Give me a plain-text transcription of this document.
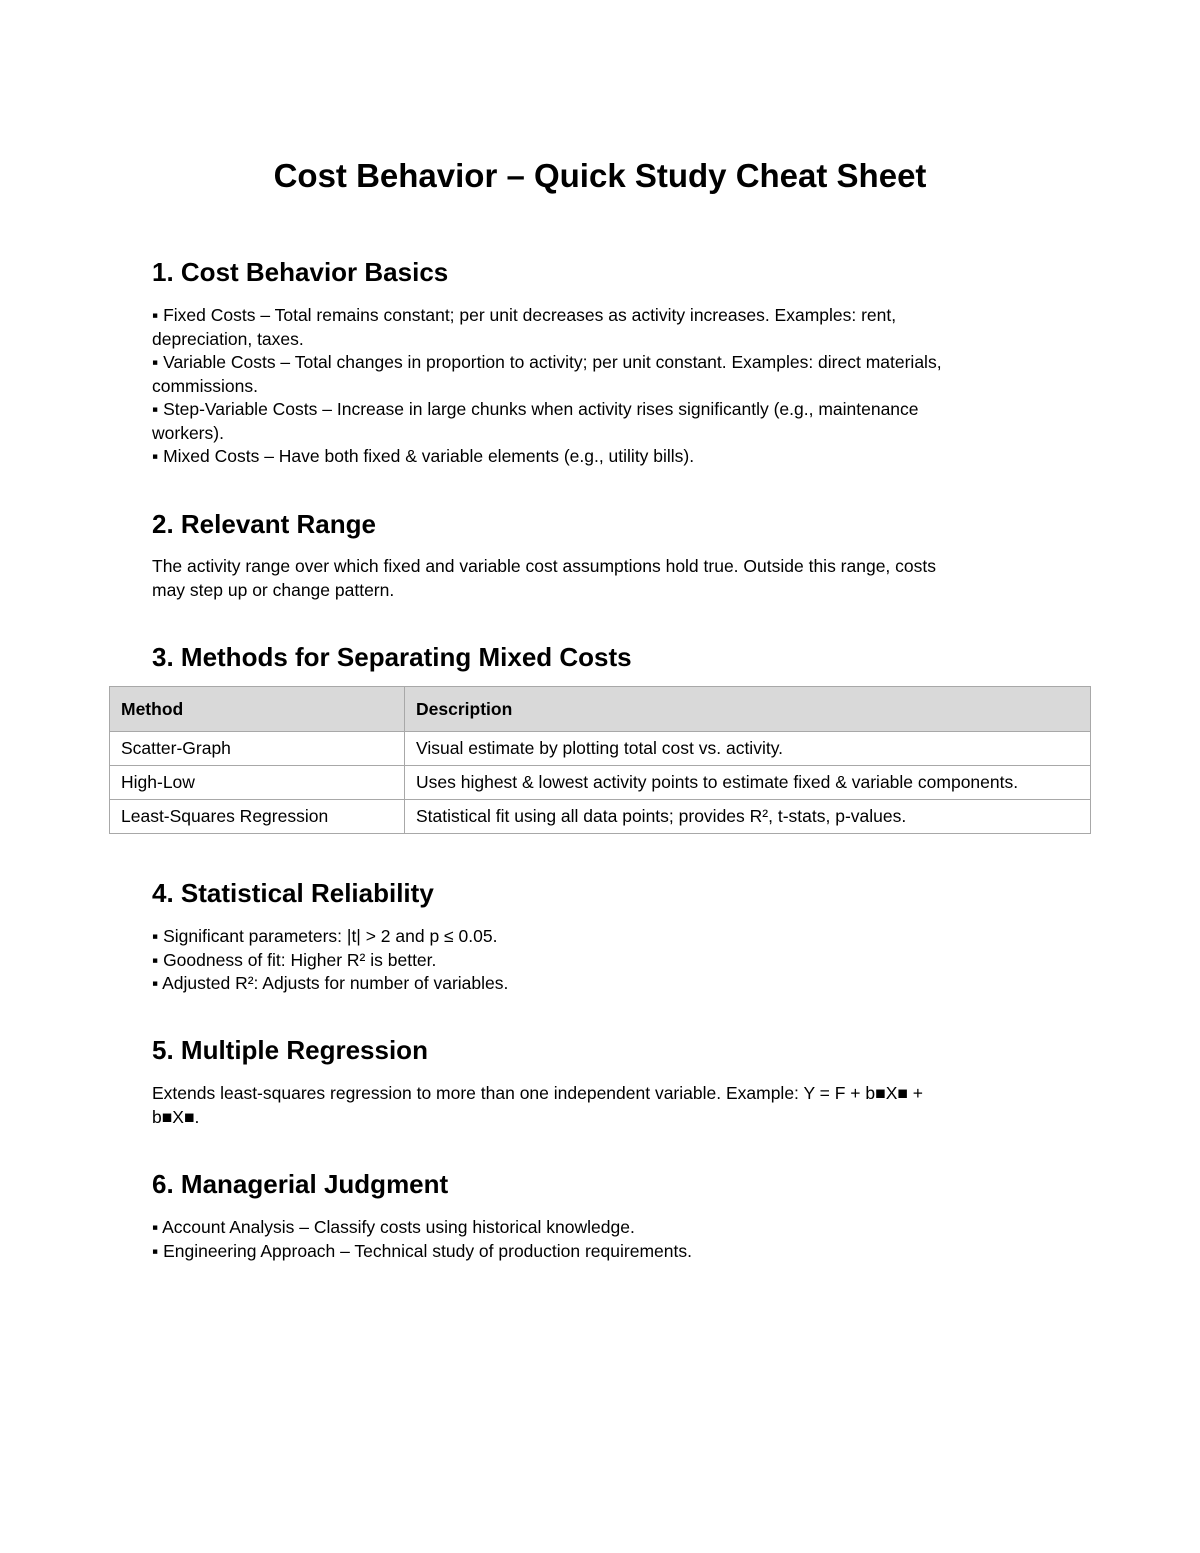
Cost Behavior – Quick Study Cheat Sheet
1. Cost Behavior Basics
▪ Fixed Costs – Total remains constant; per unit decreases as activity increases. Examples: rent,
depreciation, taxes.
▪ Variable Costs – Total changes in proportion to activity; per unit constant. Examples: direct materials,
commissions.
▪ Step-Variable Costs – Increase in large chunks when activity rises significantly (e.g., maintenance
workers).
▪ Mixed Costs – Have both fixed & variable elements (e.g., utility bills).
2. Relevant Range
The activity range over which fixed and variable cost assumptions hold true. Outside this range, costs
may step up or change pattern.
3. Methods for Separating Mixed Costs
Method	Description
Scatter-Graph	Visual estimate by plotting total cost vs. activity.
High-Low	Uses highest & lowest activity points to estimate fixed & variable components.
Least-Squares Regression	Statistical fit using all data points; provides R², t-stats, p-values.
4. Statistical Reliability
▪ Significant parameters: |t| > 2 and p ≤ 0.05.
▪ Goodness of fit: Higher R² is better.
▪ Adjusted R²: Adjusts for number of variables.
5. Multiple Regression
Extends least-squares regression to more than one independent variable. Example: Y = F + b■X■ +
b■X■.
6. Managerial Judgment
▪ Account Analysis – Classify costs using historical knowledge.
▪ Engineering Approach – Technical study of production requirements.
